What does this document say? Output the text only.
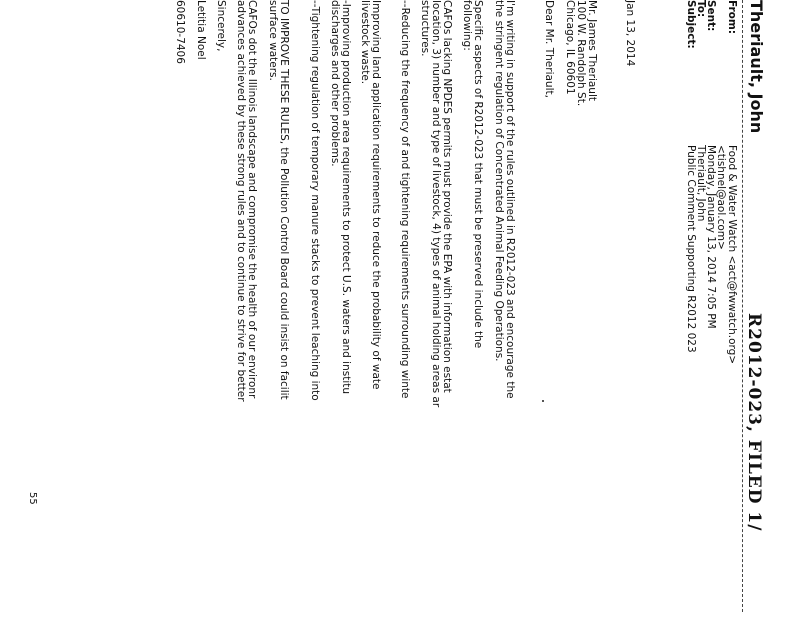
R2012-023, FILED 1/
Theriault, John
From:
Food & Water Watch <act@fwwatch.org>
<tishnel@aol.com>
Sent:
Monday, January 13, 2014 7:05 PM
To:
Theriault, John
Subject:
Public Comment Supporting R2012 023
Jan 13, 2014
Mr. James Theriault
100 W. Randolph St.
Chicago, IL 60601
Dear Mr. Theriault,
I'm writing in support of the rules outlined in R2012-023 and encourage the
the stringent regulation of Concentrated Animal Feeding Operations.
Specific aspects of R2012-023 that must be preserved include the
following:
CAFOs lacking NPDES permits must provide the EPA with information estat
location, 3) number and type of livestock, 4) types of animal holding areas ar
structures.
--Reducing the frequency of and tightening requirements surrounding winte
Improving land application requirements to reduce the probability of wate
livestock waste.
-Improving production area requirements to protect U.S. waters and institu
discharges and other problems.
--Tightening regulation of temporary manure stacks to prevent leaching into
TO IMPROVE THESE RULES, the Pollution Control Board could insist on facilit
surface waters.
CAFOs dot the Illinois landscape and compromise the health of our environr
advances achieved by these strong rules and to continue to strive for better
Sincerely,
Letitia Noel
60610-7406
55
